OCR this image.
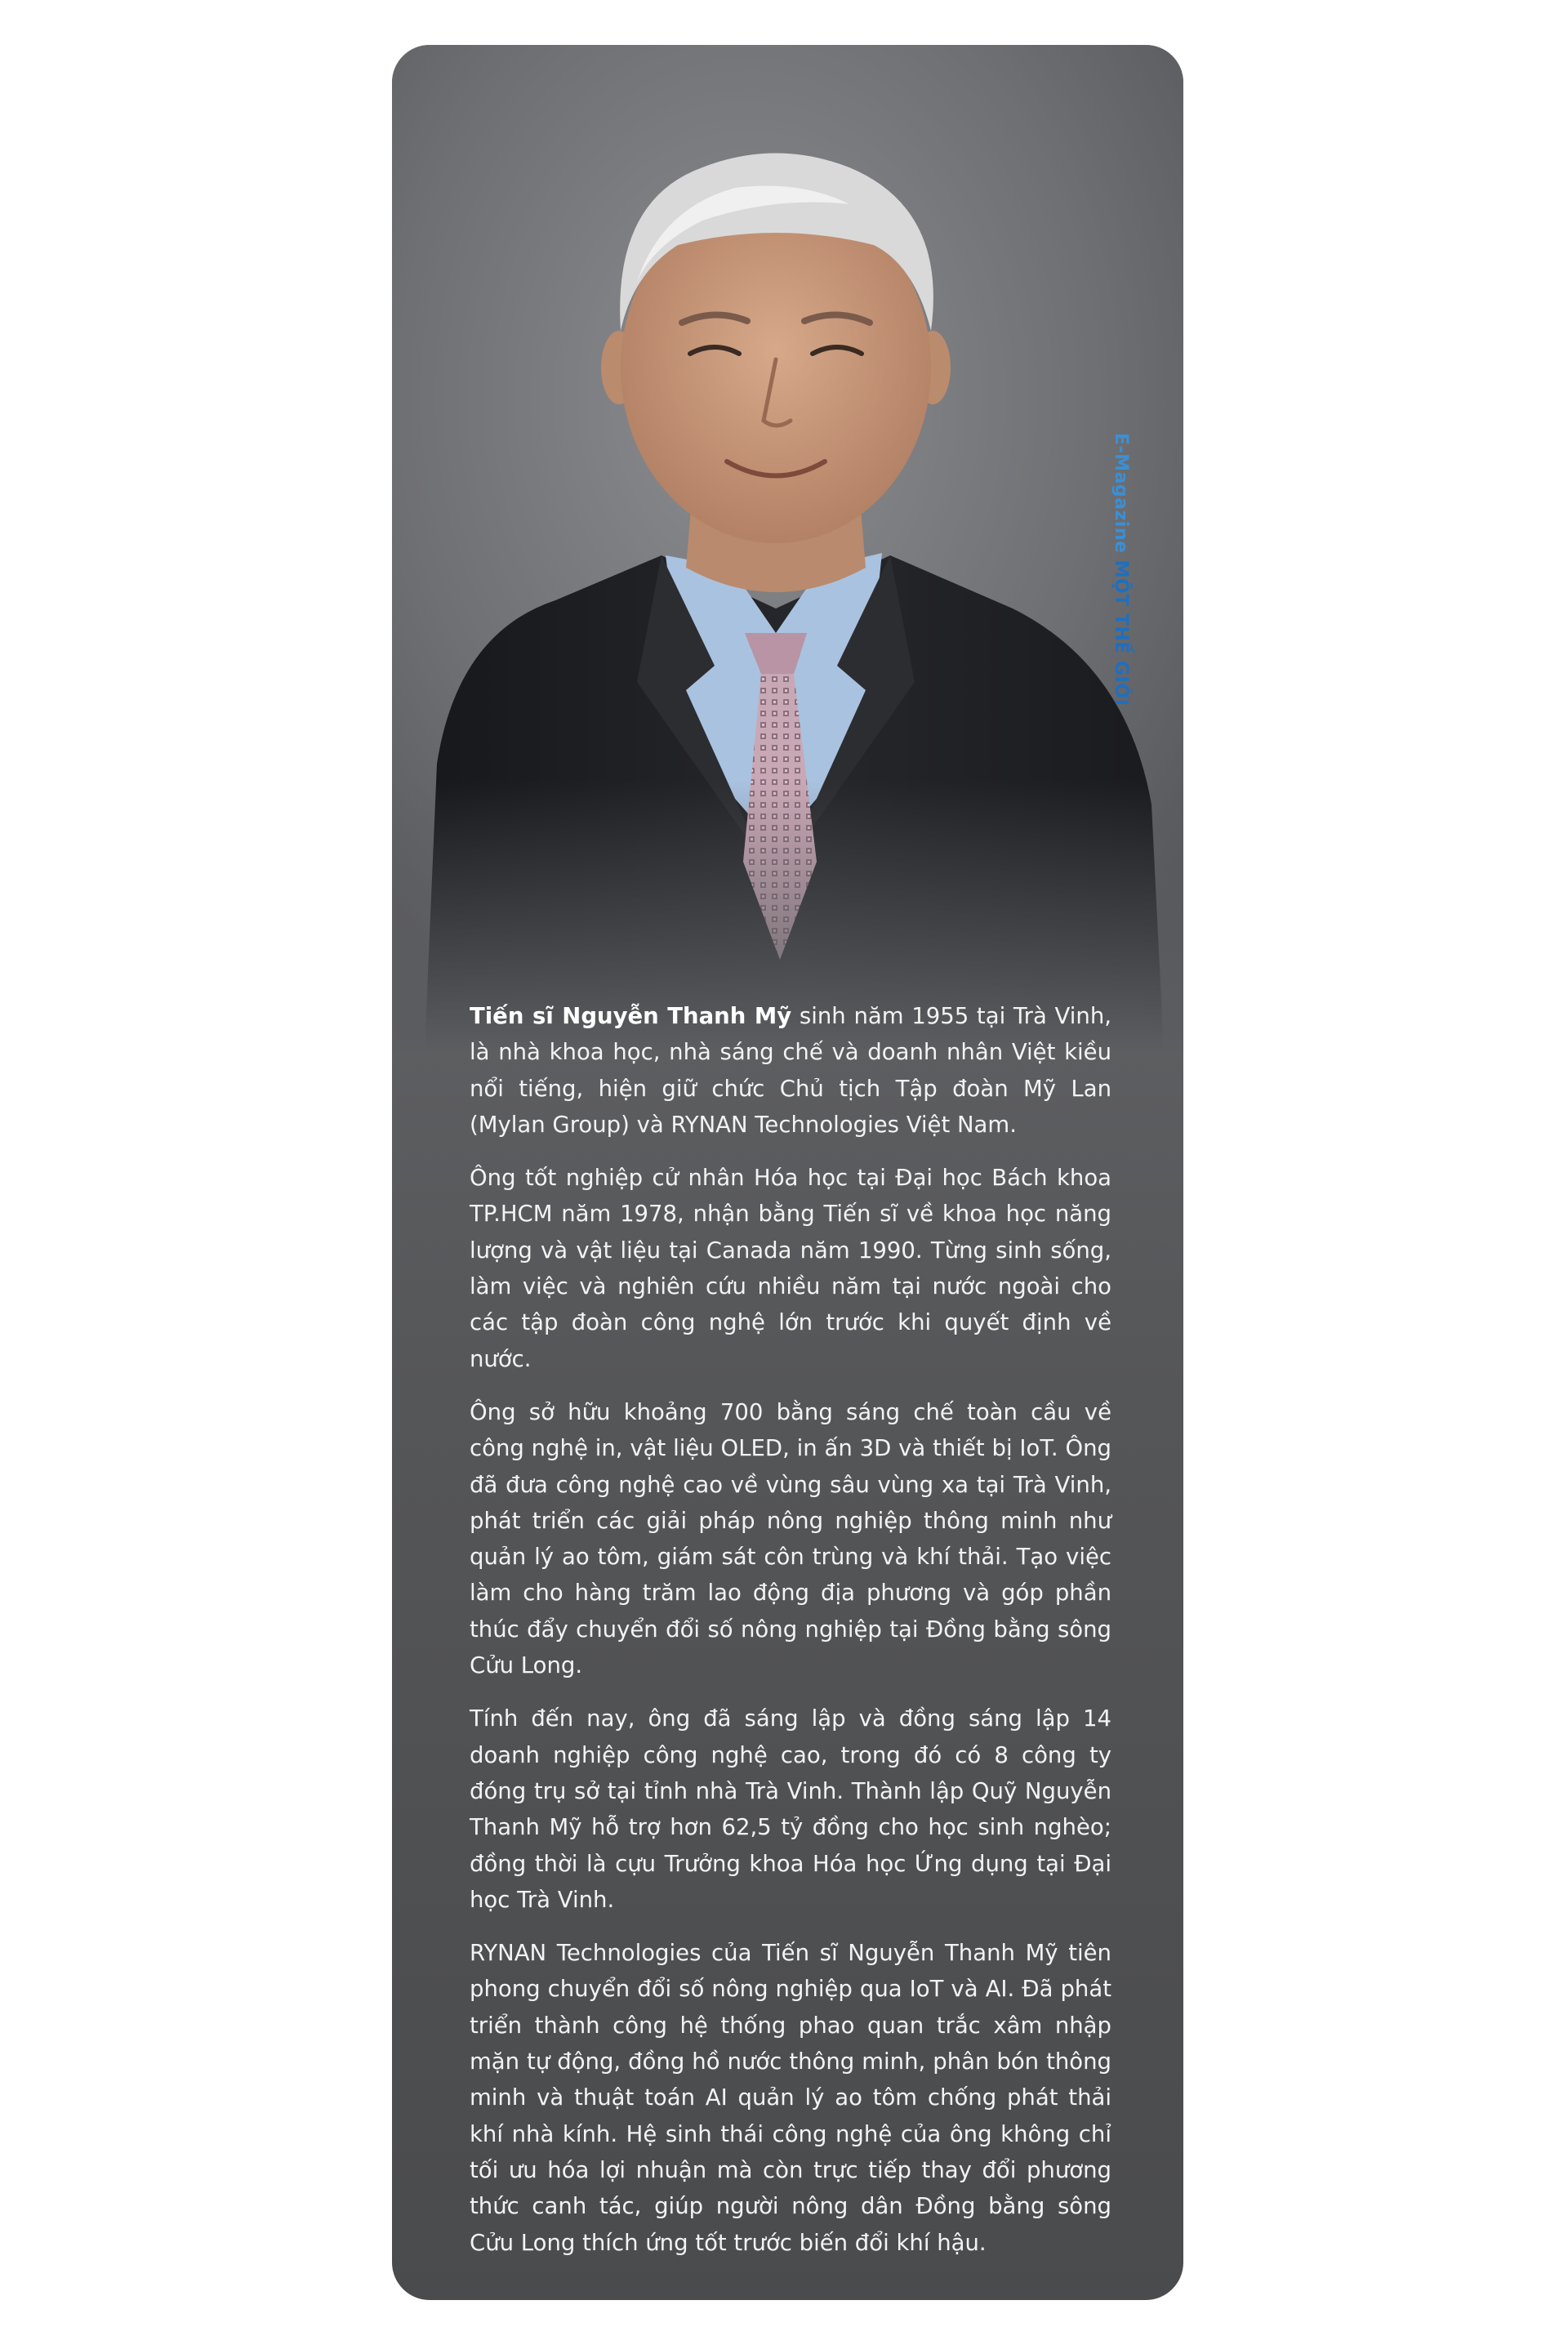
E-Magazine MỘT THẾ GIỚI

Tiến sĩ Nguyễn Thanh Mỹ sinh năm 1955 tại Trà Vinh, là nhà khoa học, nhà sáng chế và doanh nhân Việt kiều nổi tiếng, hiện giữ chức Chủ tịch Tập đoàn Mỹ Lan (Mylan Group) và RYNAN Technologies Việt Nam.

Ông tốt nghiệp cử nhân Hóa học tại Đại học Bách khoa TP.HCM năm 1978, nhận bằng Tiến sĩ về khoa học năng lượng và vật liệu tại Canada năm 1990. Từng sinh sống, làm việc và nghiên cứu nhiều năm tại nước ngoài cho các tập đoàn công nghệ lớn trước khi quyết định về nước.

Ông sở hữu khoảng 700 bằng sáng chế toàn cầu về công nghệ in, vật liệu OLED, in ấn 3D và thiết bị IoT. Ông đã đưa công nghệ cao về vùng sâu vùng xa tại Trà Vinh, phát triển các giải pháp nông nghiệp thông minh như quản lý ao tôm, giám sát côn trùng và khí thải. Tạo việc làm cho hàng trăm lao động địa phương và góp phần thúc đẩy chuyển đổi số nông nghiệp tại Đồng bằng sông Cửu Long.

Tính đến nay, ông đã sáng lập và đồng sáng lập 14 doanh nghiệp công nghệ cao, trong đó có 8 công ty đóng trụ sở tại tỉnh nhà Trà Vinh. Thành lập Quỹ Nguyễn Thanh Mỹ hỗ trợ hơn 62,5 tỷ đồng cho học sinh nghèo; đồng thời là cựu Trưởng khoa Hóa học Ứng dụng tại Đại học Trà Vinh.

RYNAN Technologies của Tiến sĩ Nguyễn Thanh Mỹ tiên phong chuyển đổi số nông nghiệp qua IoT và AI. Đã phát triển thành công hệ thống phao quan trắc xâm nhập mặn tự động, đồng hồ nước thông minh, phân bón thông minh và thuật toán AI quản lý ao tôm chống phát thải khí nhà kính. Hệ sinh thái công nghệ của ông không chỉ tối ưu hóa lợi nhuận mà còn trực tiếp thay đổi phương thức canh tác, giúp người nông dân Đồng bằng sông Cửu Long thích ứng tốt trước biến đổi khí hậu.
